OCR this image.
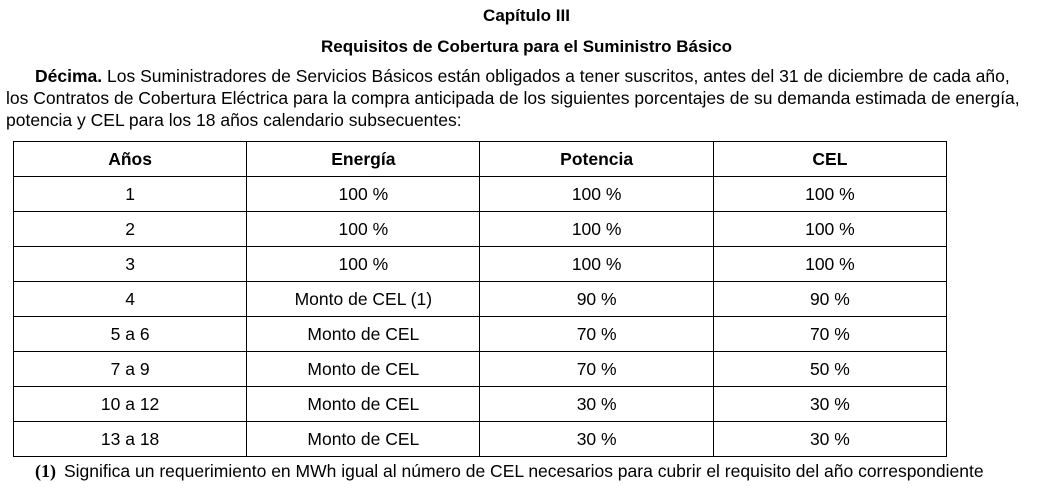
Capítulo III
Requisitos de Cobertura para el Suministro Básico
Décima. Los Suministradores de Servicios Básicos están obligados a tener suscritos, antes del 31 de diciembre de cada año,
los Contratos de Cobertura Eléctrica para la compra anticipada de los siguientes porcentajes de su demanda estimada de energía,
potencia y CEL para los 18 años calendario subsecuentes:
Años	Energía	Potencia	CEL
1	100 %	100 %	100 %
2	100 %	100 %	100 %
3	100 %	100 %	100 %
4	Monto de CEL (1)	90 %	90 %
5 a 6	Monto de CEL	70 %	70 %
7 a 9	Monto de CEL	70 %	50 %
10 a 12	Monto de CEL	30 %	30 %
13 a 18	Monto de CEL	30 %	30 %
(1) Significa un requerimiento en MWh igual al número de CEL necesarios para cubrir el requisito del año correspondiente
